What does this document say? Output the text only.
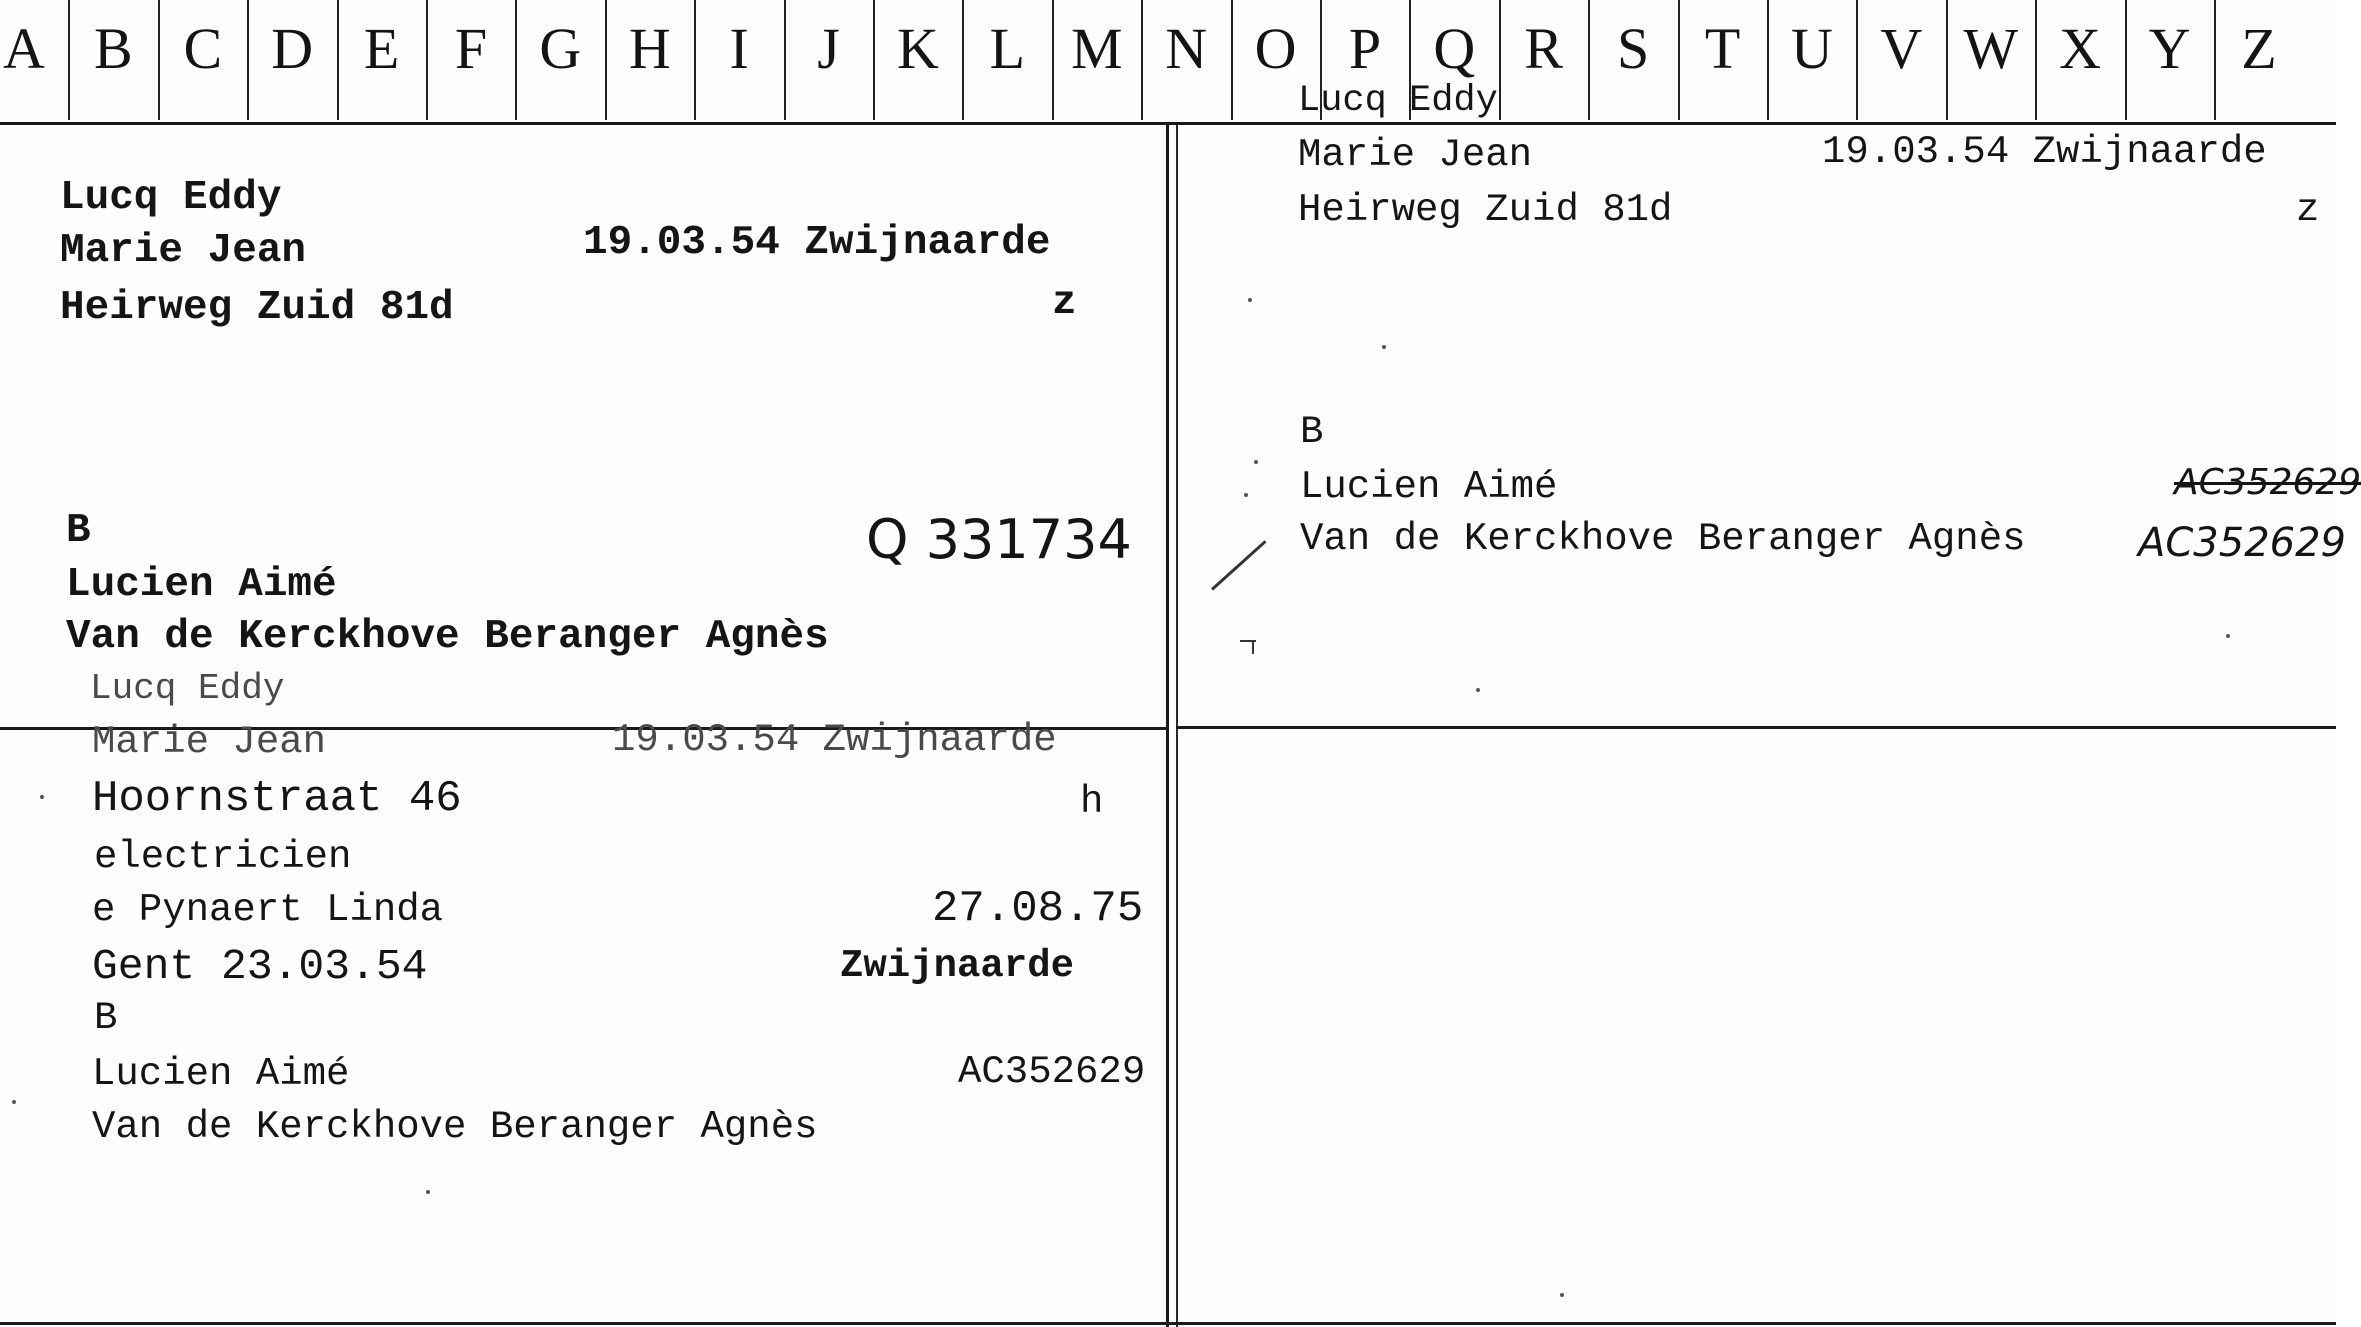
A B C D E F G H	I	J K L M N O P Q R S T U V W X Y Z
Lucq Eddy
Marie Jean	19.03.54 Zwijnaarde
Heirweg Zuid 81d	z
B	Q 331734
Lucien Aimé
Van de Kerckhove Beranger Agnès
Lucq Eddy
Marie Jean	19.03.54 Zwijnaarde
Heirweg Zuid 81d	z
B
Lucien Aimé	AC352629
Van de Kerckhove Beranger Agnès	AC352629
Lucq Eddy
Marie Jean	19.03.54 Zwijnaarde
Hoornstraat 46	h
electricien
e Pynaert Linda	27.08.75
Gent 23.03.54	Zwijnaarde
B
Lucien Aimé	AC352629
Van de Kerckhove Beranger Agnès
